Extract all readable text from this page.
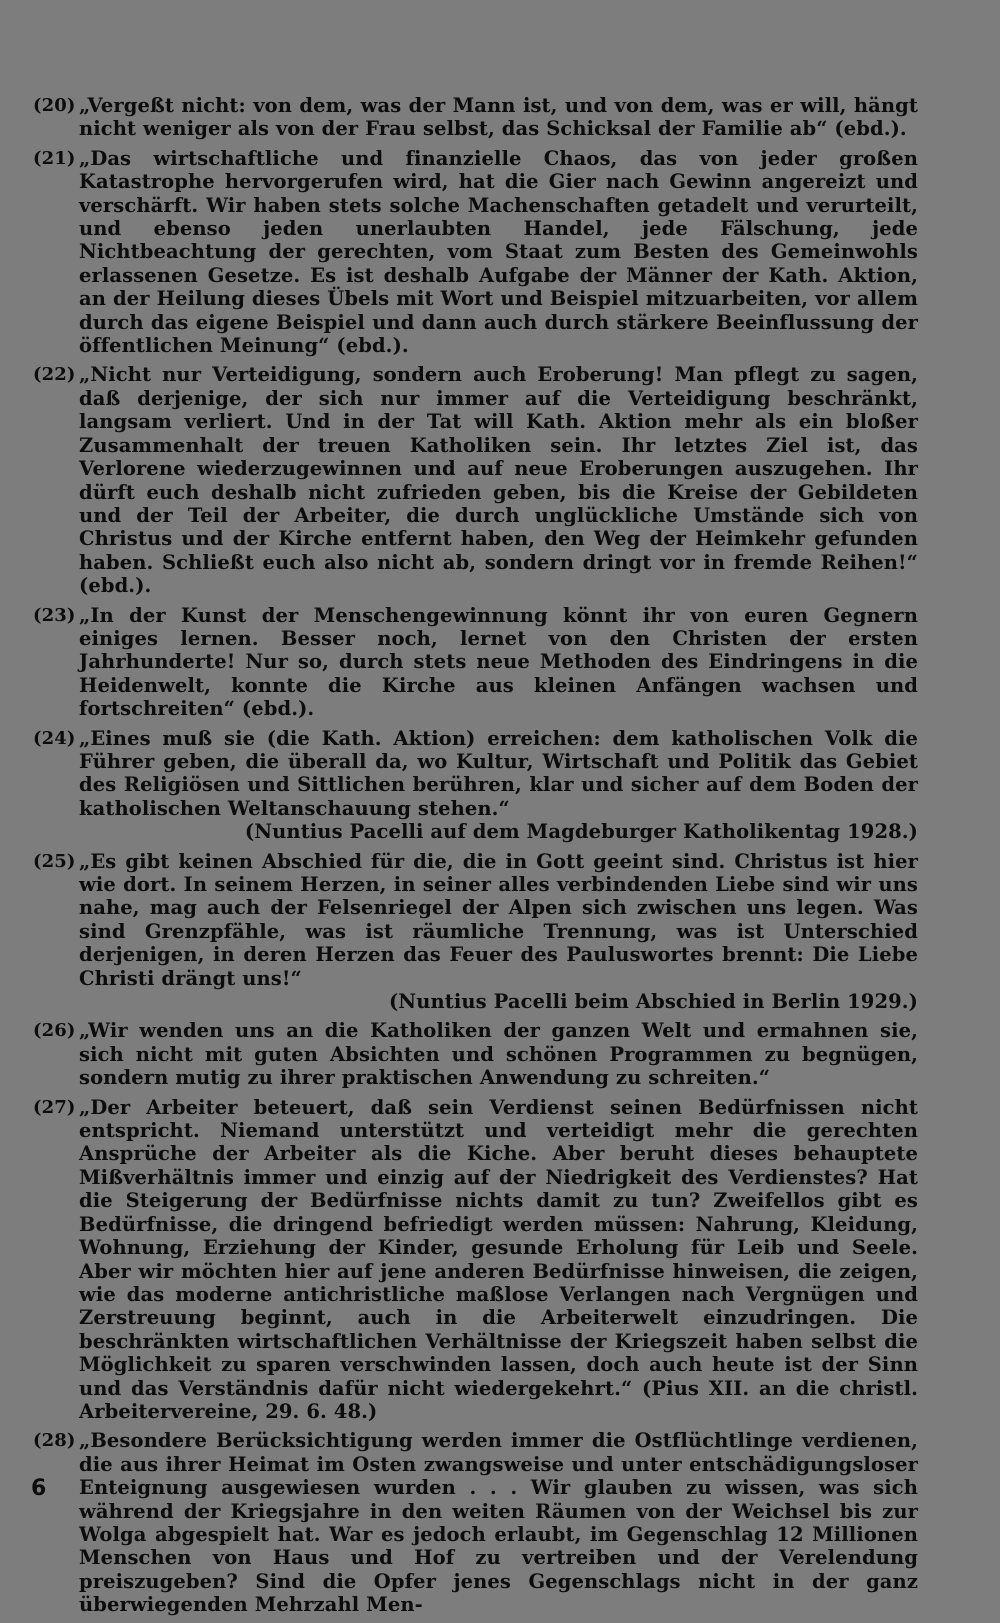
(20) „Vergeßt nicht: von dem, was der Mann ist, und von dem, was er will, hängt nicht weniger als von der Frau selbst, das Schicksal der Familie ab“ (ebd.).
(21) „Das wirtschaftliche und finanzielle Chaos, das von jeder großen Katastrophe hervorgerufen wird, hat die Gier nach Gewinn angereizt und verschärft. Wir haben stets solche Machenschaften getadelt und verurteilt, und ebenso jeden unerlaubten Handel, jede Fälschung, jede Nichtbeachtung der gerechten, vom Staat zum Besten des Gemeinwohls erlassenen Gesetze. Es ist deshalb Aufgabe der Männer der Kath. Aktion, an der Heilung dieses Übels mit Wort und Beispiel mitzuarbeiten, vor allem durch das eigene Beispiel und dann auch durch stärkere Beeinflussung der öffentlichen Meinung“ (ebd.).
(22) „Nicht nur Verteidigung, sondern auch Eroberung! Man pflegt zu sagen, daß derjenige, der sich nur immer auf die Verteidigung beschränkt, langsam verliert. Und in der Tat will Kath. Aktion mehr als ein bloßer Zusammenhalt der treuen Katholiken sein. Ihr letztes Ziel ist, das Verlorene wiederzugewinnen und auf neue Eroberungen auszugehen. Ihr dürft euch deshalb nicht zufrieden geben, bis die Kreise der Gebildeten und der Teil der Arbeiter, die durch unglückliche Umstände sich von Christus und der Kirche entfernt haben, den Weg der Heimkehr gefunden haben. Schließt euch also nicht ab, sondern dringt vor in fremde Reihen!“ (ebd.).
(23) „In der Kunst der Menschengewinnung könnt ihr von euren Gegnern einiges lernen. Besser noch, lernet von den Christen der ersten Jahrhunderte! Nur so, durch stets neue Methoden des Eindringens in die Heidenwelt, konnte die Kirche aus kleinen Anfängen wachsen und fortschreiten“ (ebd.).
(24) „Eines muß sie (die Kath. Aktion) erreichen: dem katholischen Volk die Führer geben, die überall da, wo Kultur, Wirtschaft und Politik das Gebiet des Religiösen und Sittlichen berühren, klar und sicher auf dem Boden der katholischen Weltanschauung stehen.“
(Nuntius Pacelli auf dem Magdeburger Katholikentag 1928.)
(25) „Es gibt keinen Abschied für die, die in Gott geeint sind. Christus ist hier wie dort. In seinem Herzen, in seiner alles verbindenden Liebe sind wir uns nahe, mag auch der Felsenriegel der Alpen sich zwischen uns legen. Was sind Grenzpfähle, was ist räumliche Trennung, was ist Unterschied derjenigen, in deren Herzen das Feuer des Pauluswortes brennt: Die Liebe Christi drängt uns!“
(Nuntius Pacelli beim Abschied in Berlin 1929.)
(26) „Wir wenden uns an die Katholiken der ganzen Welt und ermahnen sie, sich nicht mit guten Absichten und schönen Programmen zu begnügen, sondern mutig zu ihrer praktischen Anwendung zu schreiten.“
(27) „Der Arbeiter beteuert, daß sein Verdienst seinen Bedürfnissen nicht entspricht. Niemand unterstützt und verteidigt mehr die gerechten Ansprüche der Arbeiter als die Kiche. Aber beruht dieses behauptete Mißverhältnis immer und einzig auf der Niedrigkeit des Verdienstes? Hat die Steigerung der Bedürfnisse nichts damit zu tun? Zweifellos gibt es Bedürfnisse, die dringend befriedigt werden müssen: Nahrung, Kleidung, Wohnung, Erziehung der Kinder, gesunde Erholung für Leib und Seele. Aber wir möchten hier auf jene anderen Bedürfnisse hinweisen, die zeigen, wie das moderne antichristliche maßlose Verlangen nach Vergnügen und Zerstreuung beginnt, auch in die Arbeiterwelt einzudringen. Die beschränkten wirtschaftlichen Verhältnisse der Kriegszeit haben selbst die Möglichkeit zu sparen verschwinden lassen, doch auch heute ist der Sinn und das Verständnis dafür nicht wiedergekehrt.“ (Pius XII. an die christl. Arbeitervereine, 29. 6. 48.)
(28) „Besondere Berücksichtigung werden immer die Ostflüchtlinge verdienen, die aus ihrer Heimat im Osten zwangsweise und unter entschädigungsloser Enteignung ausgewiesen wurden . . . Wir glauben zu wissen, was sich während der Kriegsjahre in den weiten Räumen von der Weichsel bis zur Wolga abgespielt hat. War es jedoch erlaubt, im Gegenschlag 12 Millionen Menschen von Haus und Hof zu vertreiben und der Verelendung preiszugeben? Sind die Opfer jenes Gegenschlags nicht in der ganz überwiegenden Mehrzahl Men-
6
